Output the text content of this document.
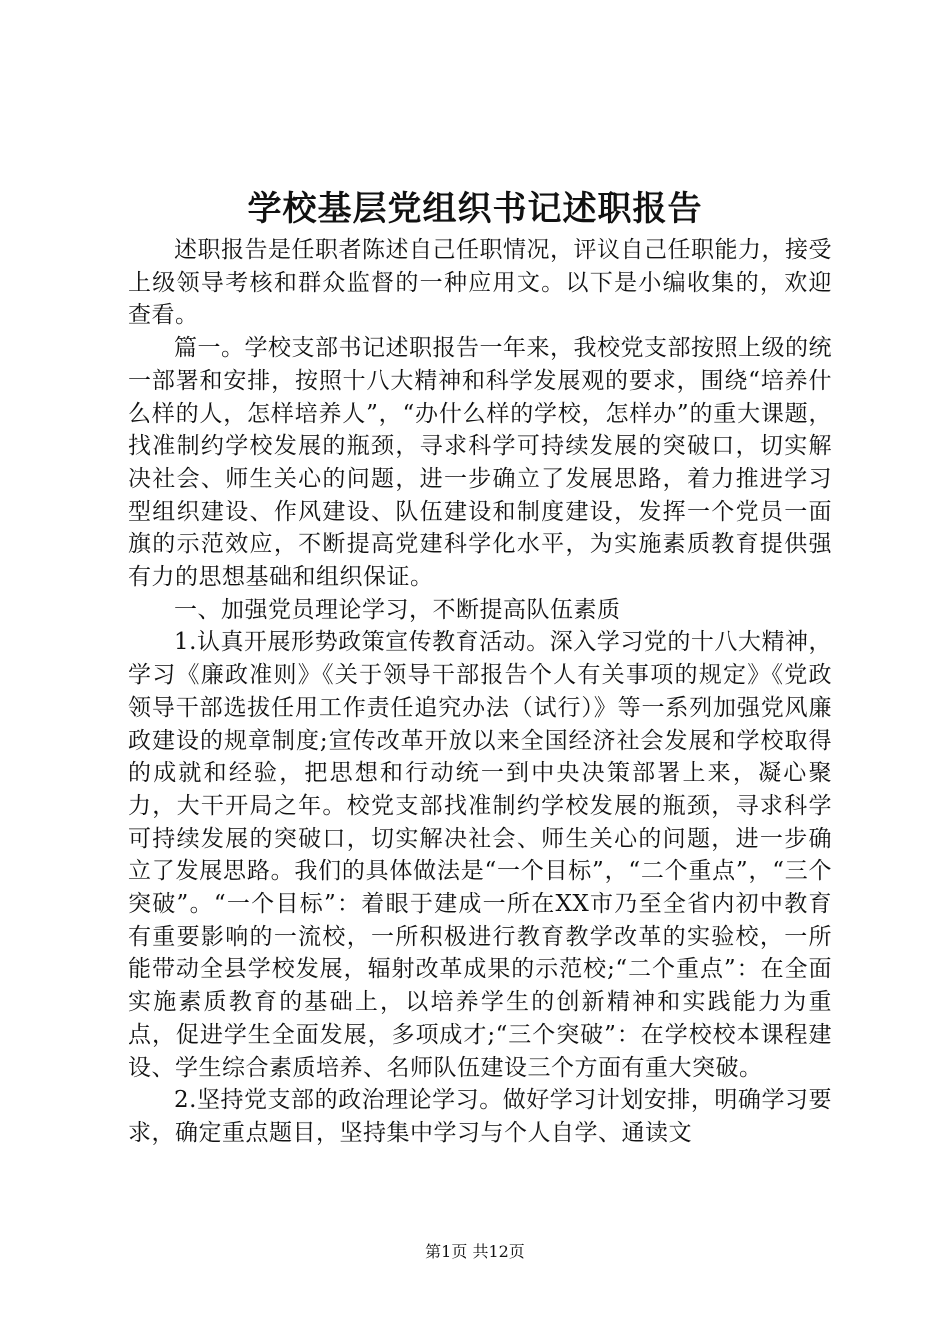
学校基层党组织书记述职报告

述职报告是任职者陈述自己任职情况，评议自己任职能力，接受上级领导考核和群众监督的一种应用文。以下是小编收集的，欢迎查看。

篇一。学校支部书记述职报告一年来，我校党支部按照上级的统一部署和安排，按照十八大精神和科学发展观的要求，围绕“培养什么样的人，怎样培养人”，“办什么样的学校，怎样办”的重大课题，找准制约学校发展的瓶颈，寻求科学可持续发展的突破口，切实解决社会、师生关心的问题，进一步确立了发展思路，着力推进学习型组织建设、作风建设、队伍建设和制度建设，发挥一个党员一面旗的示范效应，不断提高党建科学化水平，为实施素质教育提供强有力的思想基础和组织保证。

一、加强党员理论学习，不断提高队伍素质

1.认真开展形势政策宣传教育活动。深入学习党的十八大精神，学习《廉政准则》《关于领导干部报告个人有关事项的规定》《党政领导干部选拔任用工作责任追究办法（试行）》等一系列加强党风廉政建设的规章制度;宣传改革开放以来全国经济社会发展和学校取得的成就和经验，把思想和行动统一到中央决策部署上来，凝心聚力，大干开局之年。校党支部找准制约学校发展的瓶颈，寻求科学可持续发展的突破口，切实解决社会、师生关心的问题，进一步确立了发展思路。我们的具体做法是“一个目标”，“二个重点”，“三个突破”。“一个目标”：着眼于建成一所在XX市乃至全省内初中教育有重要影响的一流校，一所积极进行教育教学改革的实验校，一所能带动全县学校发展，辐射改革成果的示范校;“二个重点”：在全面实施素质教育的基础上，以培养学生的创新精神和实践能力为重点，促进学生全面发展，多项成才;“三个突破”：在学校校本课程建设、学生综合素质培养、名师队伍建设三个方面有重大突破。

2.坚持党支部的政治理论学习。做好学习计划安排，明确学习要求，确定重点题目，坚持集中学习与个人自学、通读文

第1页 共12页
